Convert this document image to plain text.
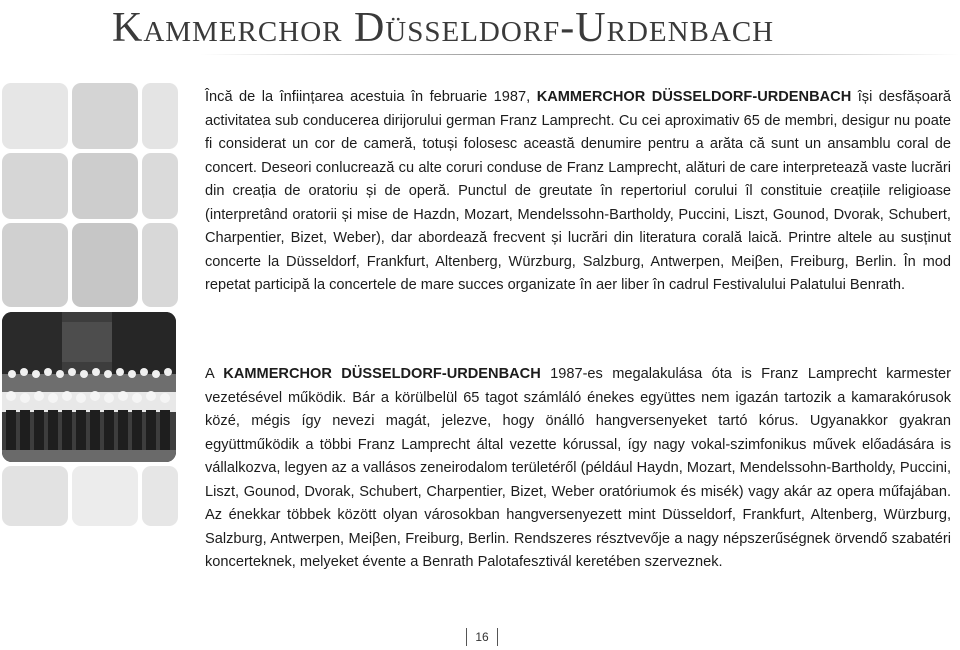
Kammerchor Düsseldorf-Urdenbach

Încă de la înființarea acestuia în februarie 1987, KAMMERCHOR DÜSSELDORF-URDENBACH își desfășoară activitatea sub conducerea dirijorului german Franz Lamprecht. Cu cei aproximativ 65 de membri, desigur nu poate fi considerat un cor de cameră, totuși folosesc această denumire pentru a arăta că sunt un ansamblu coral de concert. Deseori conlucrează cu alte coruri conduse de Franz Lamprecht, alături de care interpretează vaste lucrări din creația de oratoriu și de operă. Punctul de greutate în repertoriul corului îl constituie creațiile religioase (interpretând oratorii și mise de Hazdn, Mozart, Mendelssohn-Bartholdy, Puccini, Liszt, Gounod, Dvorak, Schubert, Charpentier, Bizet, Weber), dar abordează frecvent și lucrări din literatura corală laică. Printre altele au susținut concerte la Düsseldorf, Frankfurt, Altenberg, Würzburg, Salzburg, Antwerpen, Meiβen, Freiburg, Berlin. În mod repetat participă la concertele de mare succes organizate în aer liber în cadrul Festivalului Palatului Benrath.

A KAMMERCHOR DÜSSELDORF-URDENBACH 1987-es megalakulása óta is Franz Lamprecht karmester vezetésével működik. Bár a körülbelül 65 tagot számláló énekes együttes nem igazán tartozik a kamarakórusok közé, mégis így nevezi magát, jelezve, hogy önálló hangversenyeket tartó kórus. Ugyanakkor gyakran együttműködik a többi Franz Lamprecht által vezette kórussal, így nagy vokal-szimfonikus művek előadására is vállalkozva, legyen az a vallásos zeneirodalom területéről (például Haydn, Mozart, Mendelssohn-Bartholdy, Puccini, Liszt, Gounod, Dvorak, Schubert, Charpentier, Bizet, Weber oratóriumok és misék) vagy akár az opera műfajában. Az énekkar többek között olyan városokban hangversenyezett mint Düsseldorf, Frankfurt, Altenberg, Würzburg, Salzburg, Antwerpen, Meiβen, Freiburg, Berlin. Rendszeres résztvevője a nagy népszerűségnek örvendő szabatéri koncerteknek, melyeket évente a Benrath Palotafesztivál keretében szerveznek.

16
